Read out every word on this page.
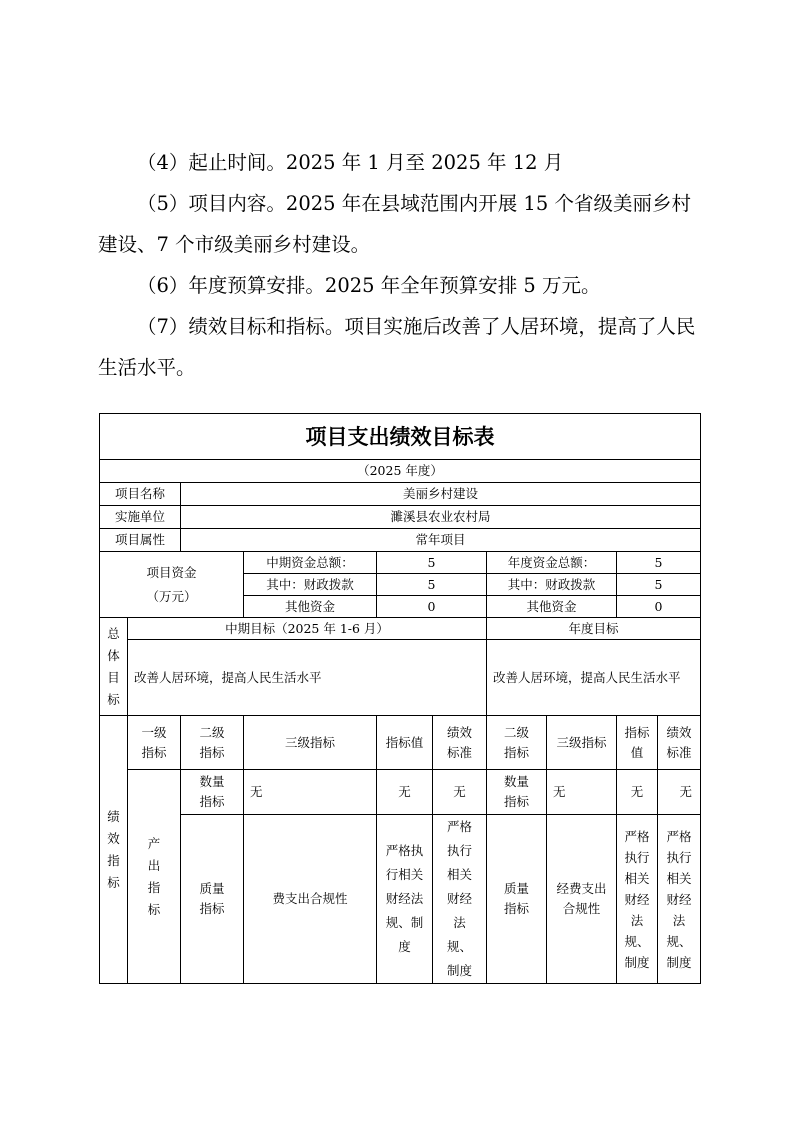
（4）起止时间。2025 年 1 月至 2025 年 12 月

（5）项目内容。2025 年在县域范围内开展 15 个省级美丽乡村建设、7 个市级美丽乡村建设。

（6）年度预算安排。2025 年全年预算安排 5 万元。

（7）绩效目标和指标。项目实施后改善了人居环境，提高了人民生活水平。

项目支出绩效目标表									
（2025 年度）									
项目名称		美丽乡村建设							
实施单位		濉溪县农业农村局							
项目属性		常年项目							

项目资金（万元）			中期资金总额：	5		年度资金总额：		5	
			其中：财政拨款	5		其中：财政拨款		5	
			其他资金	0		其他资金		0	

总体目标	中期目标（2025 年 1-6 月）					年度目标			
	改善人居环境，提高人民生活水平					改善人居环境，提高人民生活水平			

绩效指标	一级指标	二级指标	三级指标	指标值	绩效标准	二级指标	三级指标	指标值	绩效标准

	产出指标	数量指标	无	无	无	数量指标	无	无	无

		质量指标	费支出合规性	严格执行相关财经法规、制度	严格执行相关财经法规、制度	质量指标	经费支出合规性	严格执行相关财经法规、制度	严格执行相关财经法规、制度
